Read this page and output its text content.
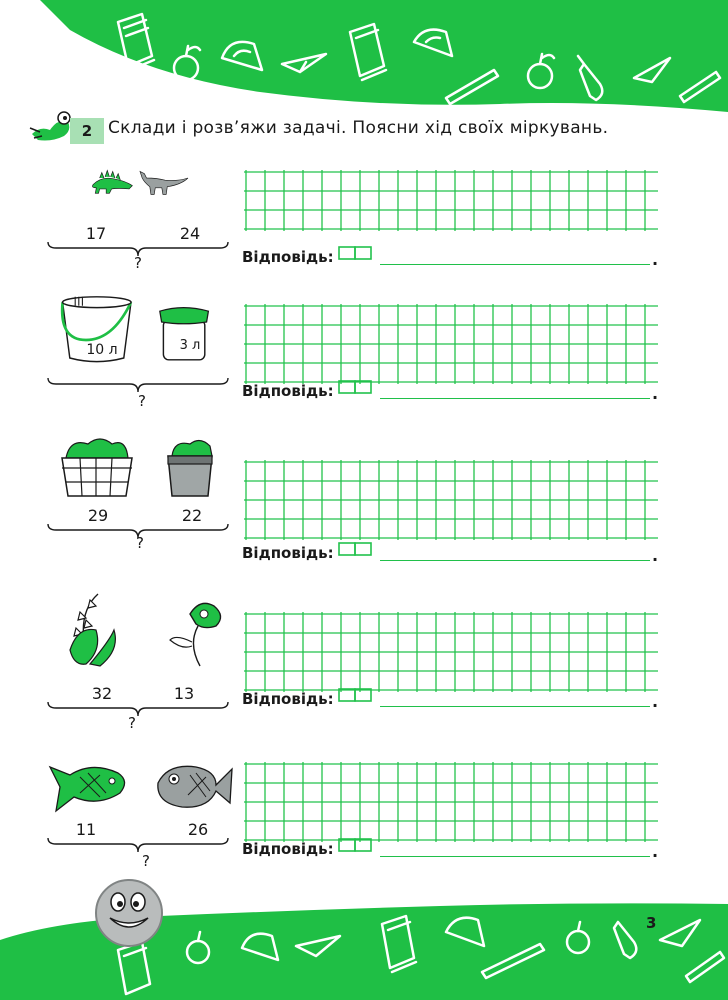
2 Склади і розв’яжи задачі. Поясни хід своїх міркувань.
17	24
?	Відповідь:	.
10 л	3 л
?
Відповідь:	.
29	22
?
Відповідь:	.
32	13
?
Відповідь:	.
11	26
?
Відповідь:	.
3
